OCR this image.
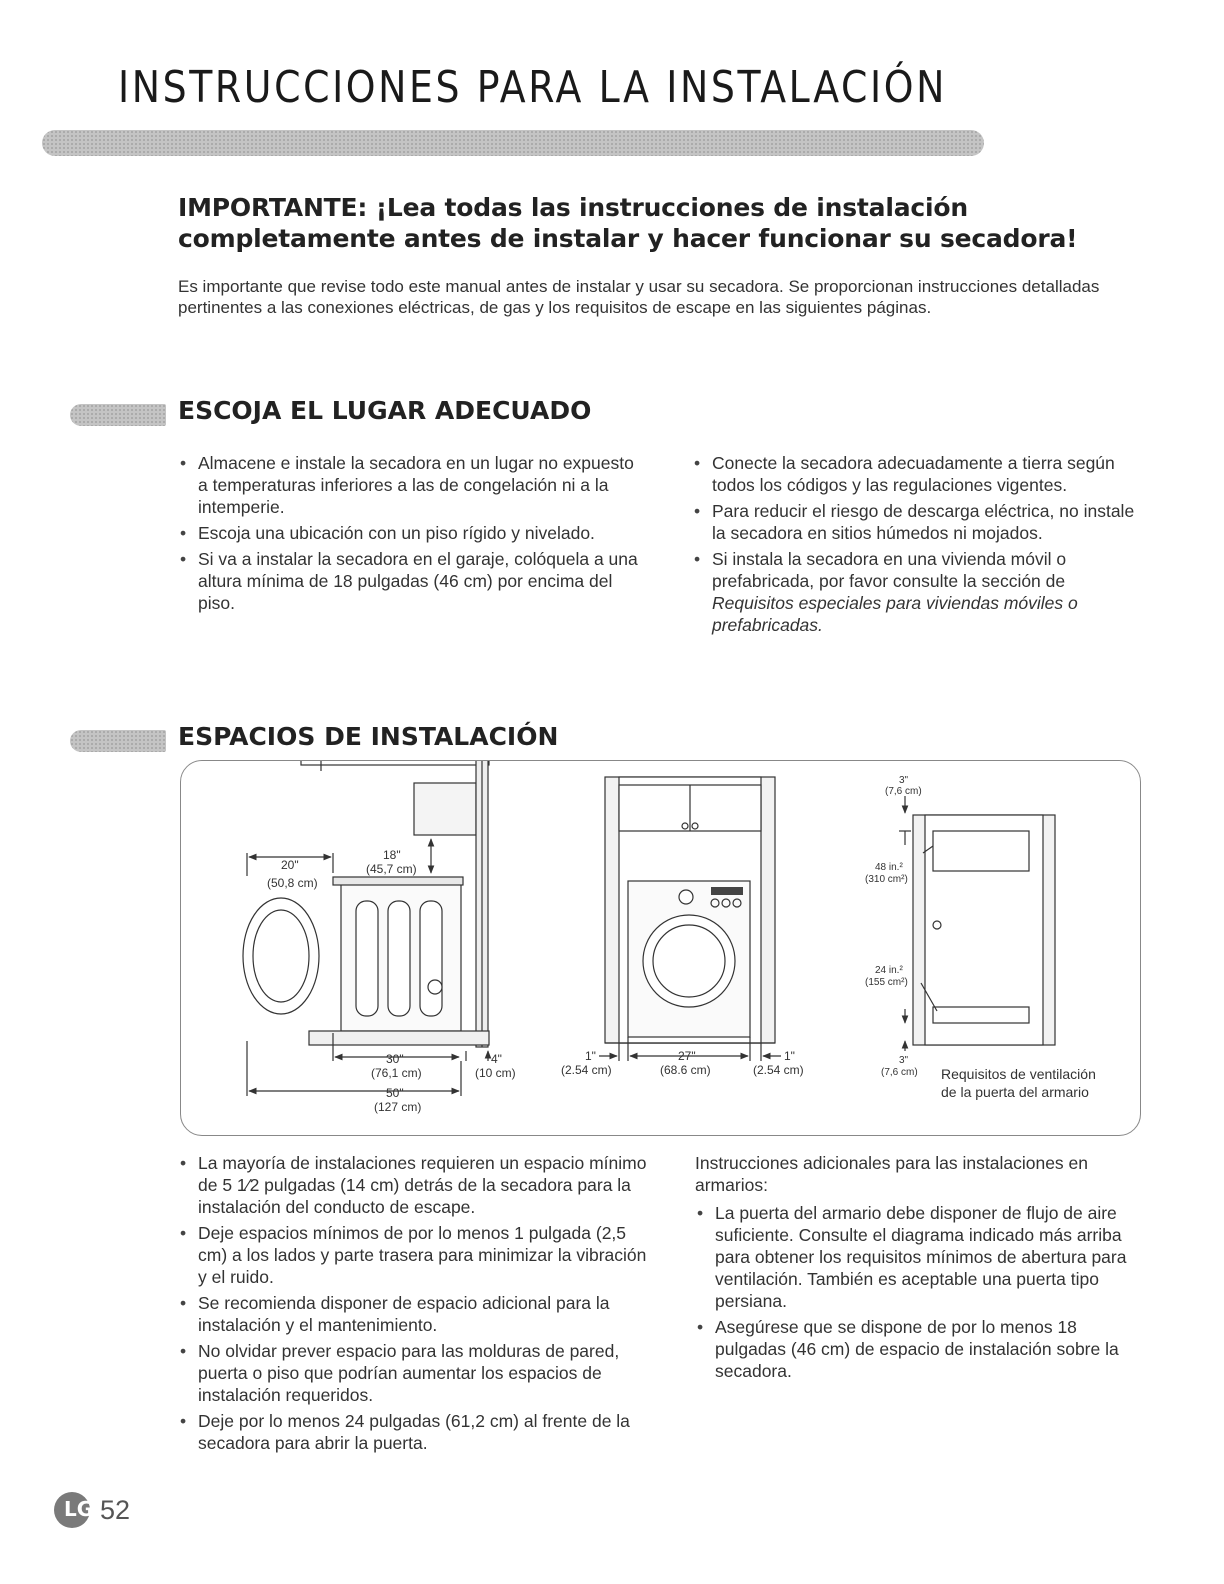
INSTRUCCIONES PARA LA INSTALACIÓN
IMPORTANTE: ¡Lea todas las instrucciones de instalación
completamente antes de instalar y hacer funcionar su secadora!

Es importante que revise todo este manual antes de instalar y usar su secadora. Se proporcionan instrucciones detalladas pertinentes a las conexiones eléctricas, de gas y los requisitos de escape en las siguientes páginas.

ESCOJA EL LUGAR ADECUADO
• Almacene e instale la secadora en un lugar no expuesto a temperaturas inferiores a las de congelación ni a la intemperie.
• Escoja una ubicación con un piso rígido y nivelado.
• Si va a instalar la secadora en el garaje, colóquela a una altura mínima de 18 pulgadas (46 cm) por encima del piso.
• Conecte la secadora adecuadamente a tierra según todos los códigos y las regulaciones vigentes.
• Para reducir el riesgo de descarga eléctrica, no instale la secadora en sitios húmedos ni mojados.
• Si instala la secadora en una vivienda móvil o prefabricada, por favor consulte la sección de Requisitos especiales para viviendas móviles o prefabricadas.
ESPACIOS DE INSTALACIÓN
18"
(45,7 cm)
20"
(50,8 cm)
30"
(76,1 cm)
4"
(10 cm)
50"
(127 cm)
1"
(2.54 cm)
27"
(68.6 cm)
1"
(2.54 cm)
3"
(7,6 cm)
48 in.²
(310 cm²)
24 in.²
(155 cm²)
3"
(7,6 cm) Requisitos de ventilación
de la puerta del armario
• La mayoría de instalaciones requieren un espacio mínimo de 5 1⁄2 pulgadas (14 cm) detrás de la secadora para la instalación del conducto de escape.
• Deje espacios mínimos de por lo menos 1 pulgada (2,5 cm) a los lados y parte trasera para minimizar la vibración y el ruido.
• Se recomienda disponer de espacio adicional para la instalación y el mantenimiento.
• No olvidar prever espacio para las molduras de pared, puerta o piso que podrían aumentar los espacios de instalación requeridos.
• Deje por lo menos 24 pulgadas (61,2 cm) al frente de la secadora para abrir la puerta.

Instrucciones adicionales para las instalaciones en armarios:

• La puerta del armario debe disponer de flujo de aire suficiente. Consulte el diagrama indicado más arriba para obtener los requisitos mínimos de abertura para ventilación. También es aceptable una puerta tipo persiana.
• Asegúrese que se dispone de por lo menos 18 pulgadas (46 cm) de espacio de instalación sobre la secadora.
LG 52
